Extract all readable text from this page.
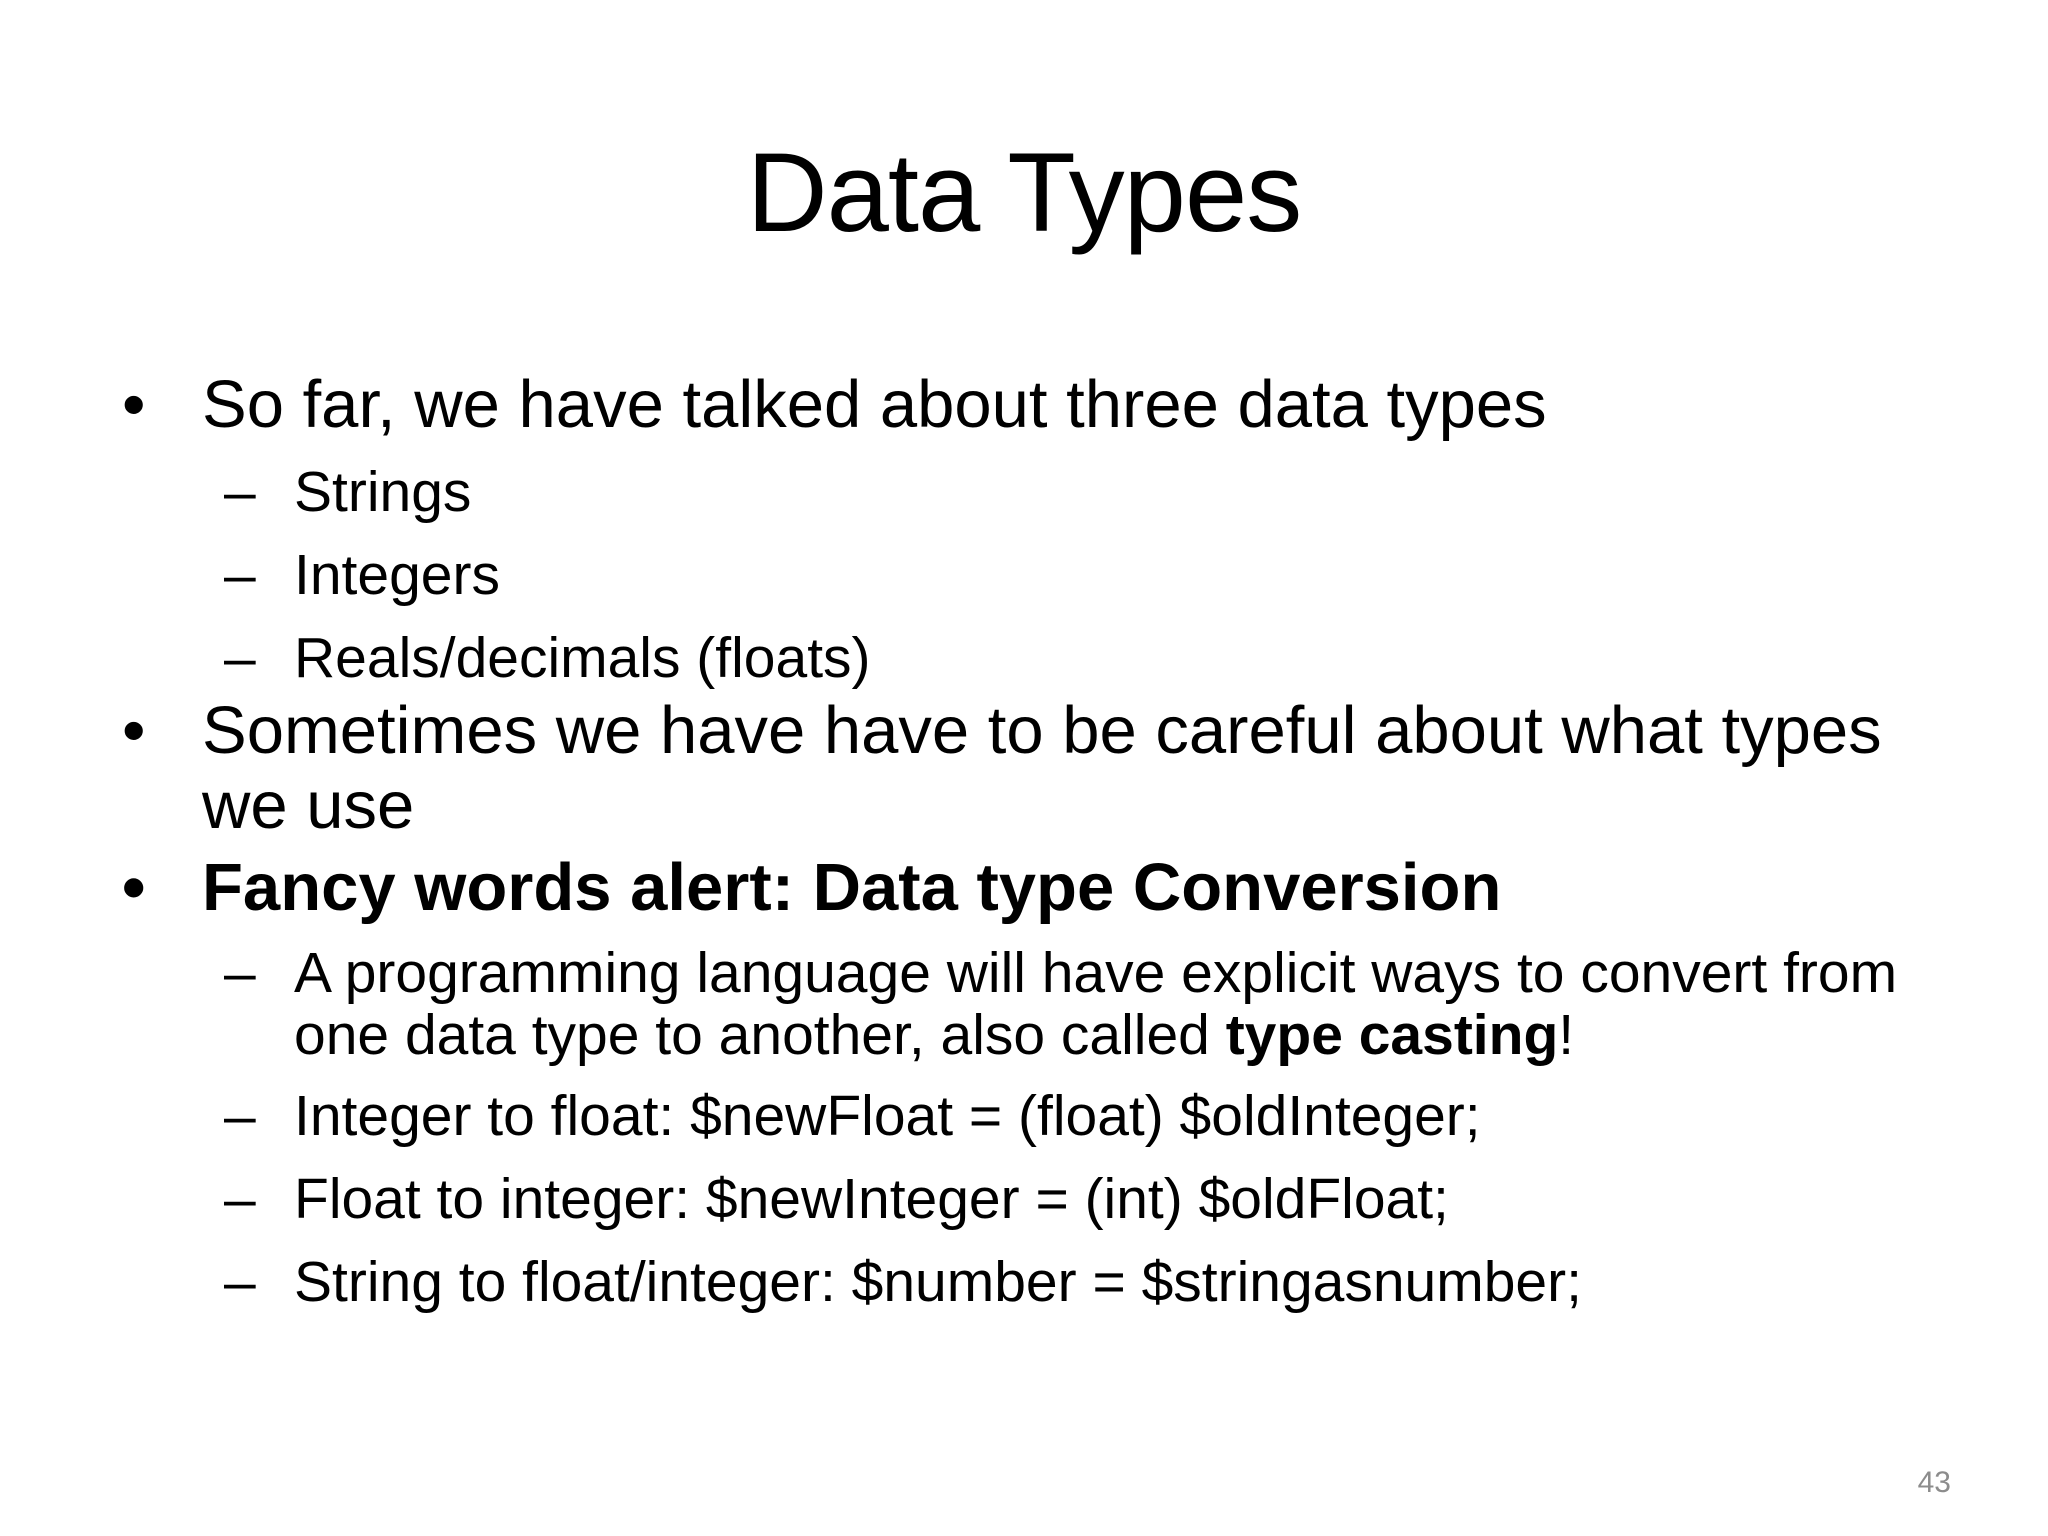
Data Types
• So far, we have talked about three data types
– Strings
– Integers
– Reals/decimals (floats)
• Sometimes we have have to be careful about what types we use
• Fancy words alert: Data type Conversion
– A programming language will have explicit ways to convert from one data type to another, also called type casting!
– Integer to float: $newFloat = (float) $oldInteger;
– Float to integer: $newInteger = (int) $oldFloat;
– String to float/integer: $number = $stringasnumber;
43
